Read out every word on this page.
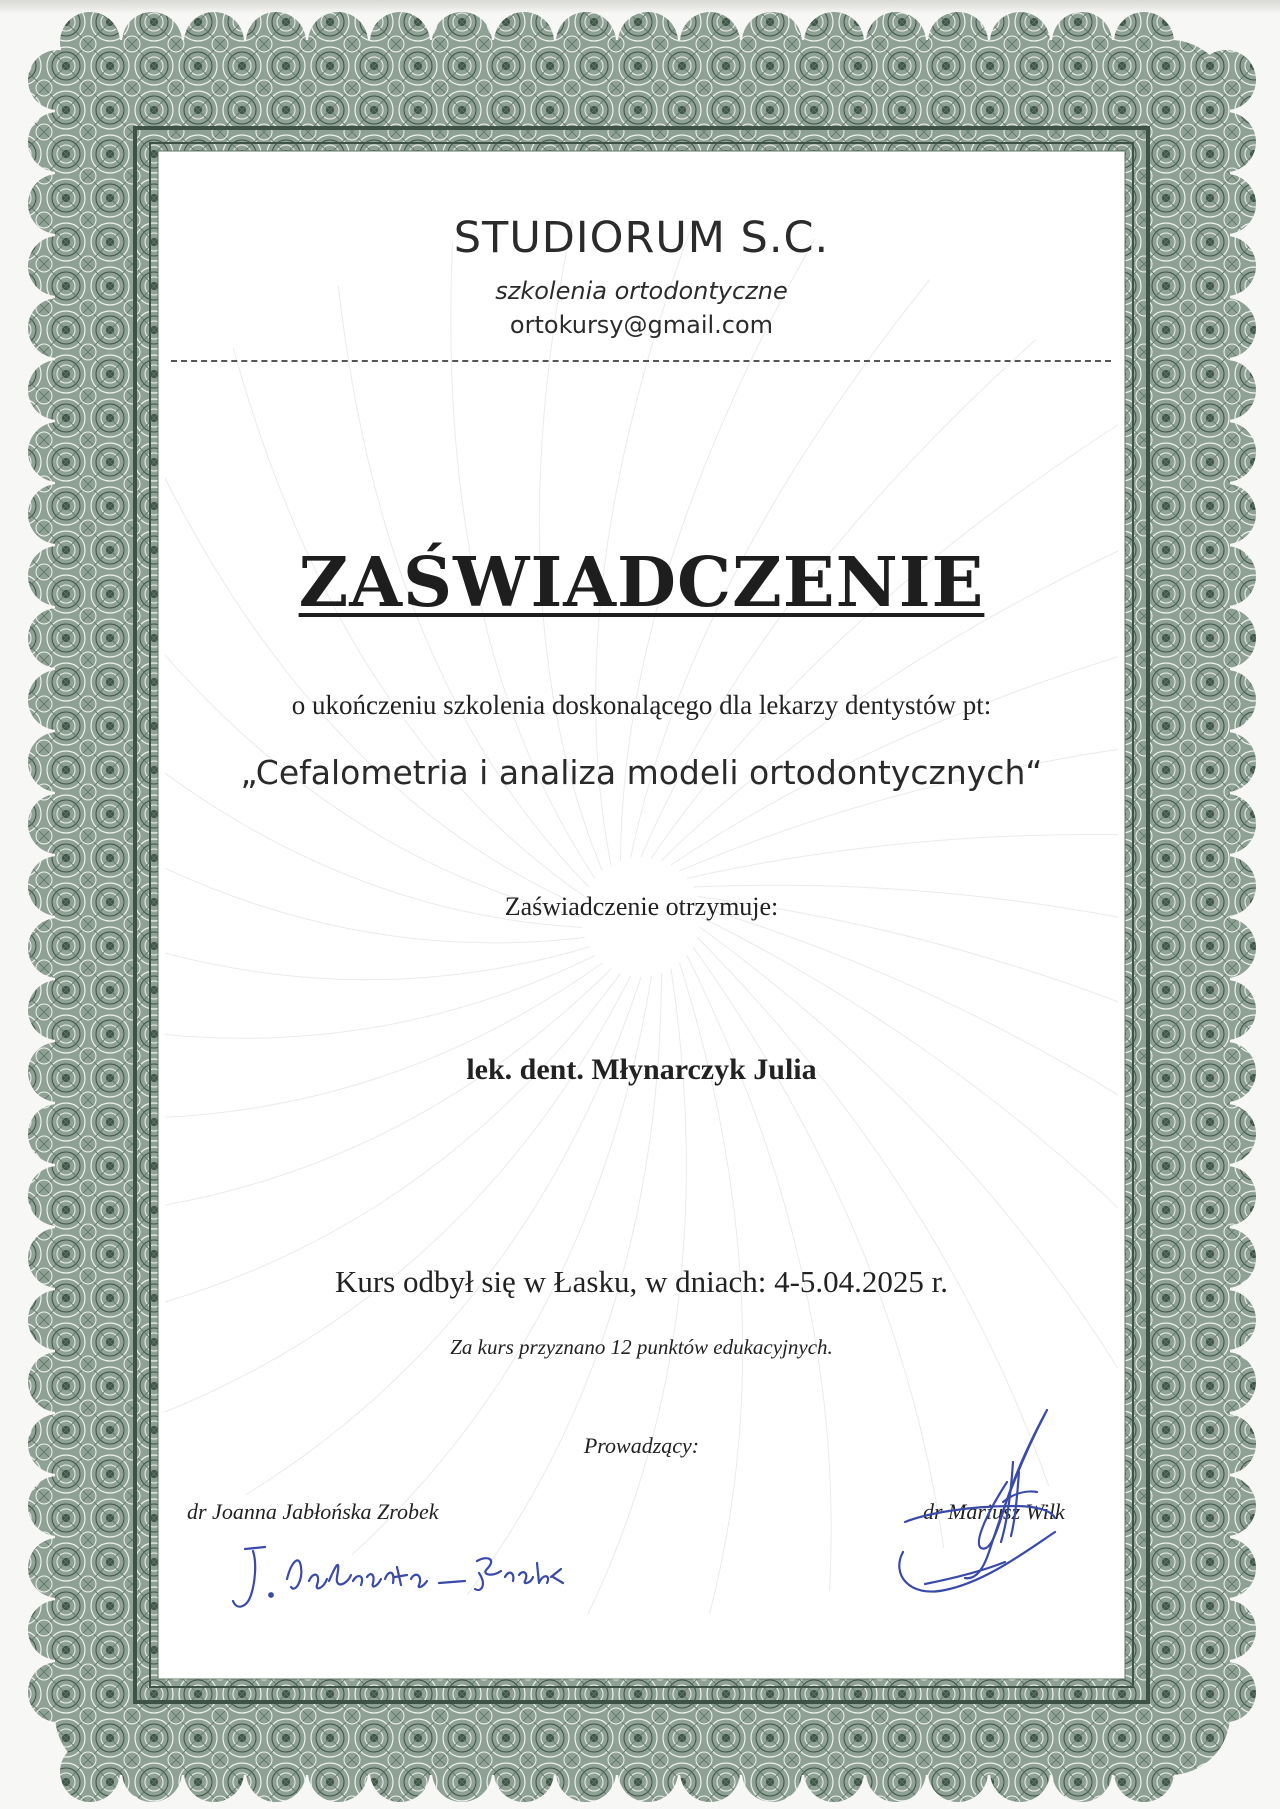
STUDIORUM S.C.
szkolenia ortodontyczne
ortokursy@gmail.com
ZAŚWIADCZENIE
o ukończeniu szkolenia doskonalącego dla lekarzy dentystów pt:
„Cefalometria i analiza modeli ortodontycznych“
Zaświadczenie otrzymuje:
lek. dent. Młynarczyk Julia
Kurs odbył się w Łasku, w dniach: 4-5.04.2025 r.
Za kurs przyznano 12 punktów edukacyjnych.
Prowadzący:
dr Joanna Jabłońska Zrobek	dr Mariusz Wilk
